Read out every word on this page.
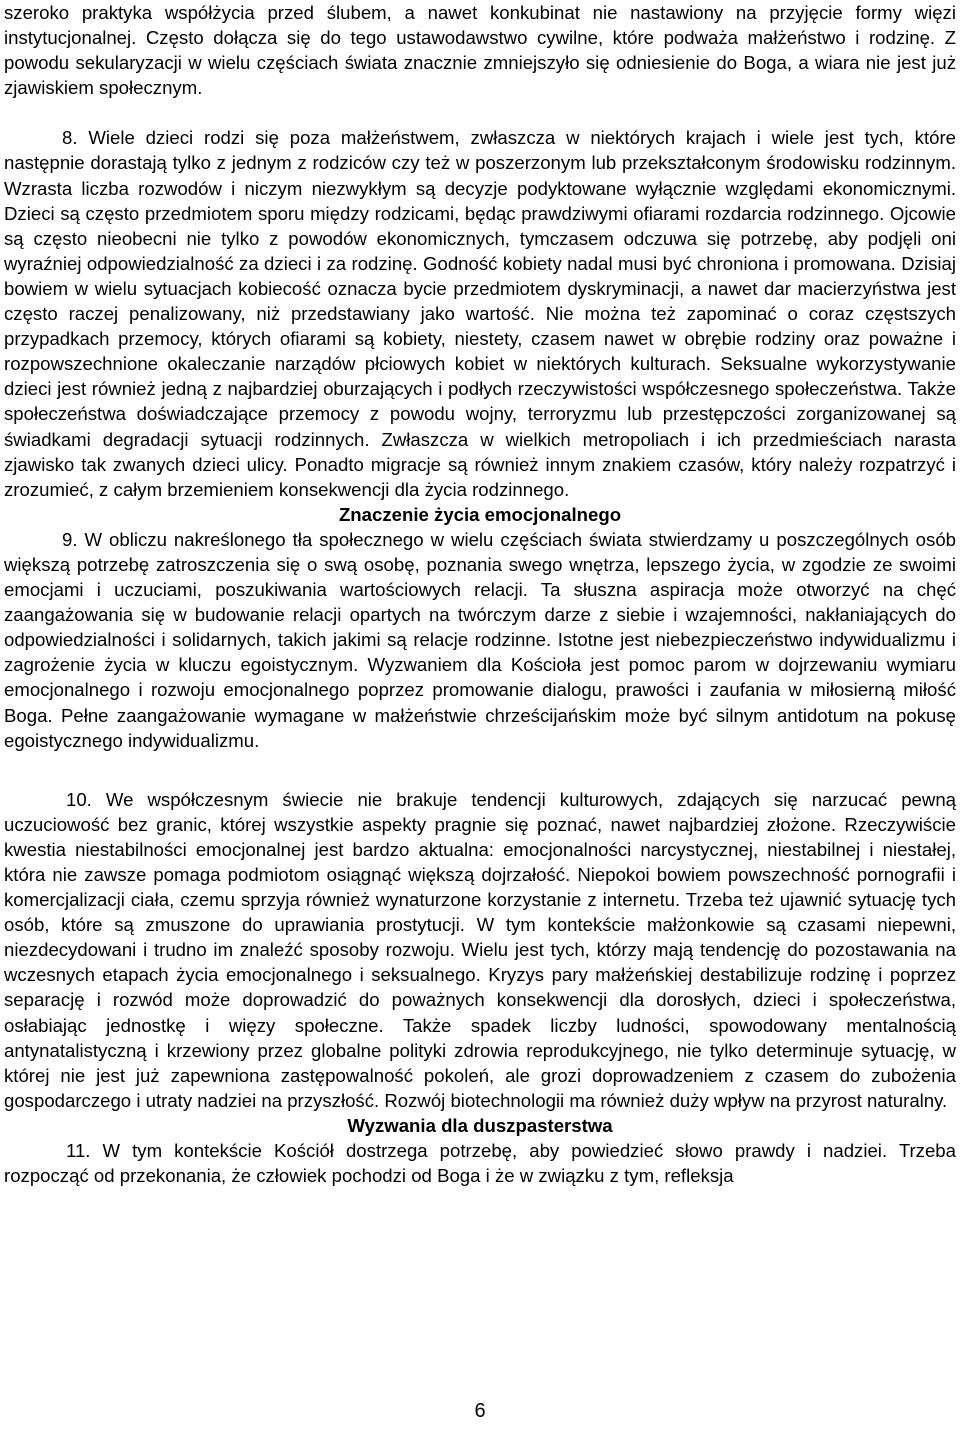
szeroko praktyka współżycia przed ślubem, a nawet konkubinat nie nastawiony na przyjęcie formy więzi instytucjonalnej. Często dołącza się do tego ustawodawstwo cywilne, które podważa małżeństwo i rodzinę. Z powodu sekularyzacji w wielu częściach świata znacznie zmniejszyło się odniesienie do Boga, a wiara nie jest już zjawiskiem społecznym.

8. Wiele dzieci rodzi się poza małżeństwem, zwłaszcza w niektórych krajach i wiele jest tych, które następnie dorastają tylko z jednym z rodziców czy też w poszerzonym lub przekształconym środowisku rodzinnym. Wzrasta liczba rozwodów i niczym niezwykłym są decyzje podyktowane wyłącznie względami ekonomicznymi. Dzieci są często przedmiotem sporu między rodzicami, będąc prawdziwymi ofiarami rozdarcia rodzinnego. Ojcowie są często nieobecni nie tylko z powodów ekonomicznych, tymczasem odczuwa się potrzebę, aby podjęli oni wyraźniej odpowiedzialność za dzieci i za rodzinę. Godność kobiety nadal musi być chroniona i promowana. Dzisiaj bowiem w wielu sytuacjach kobiecość oznacza bycie przedmiotem dyskryminacji, a nawet dar macierzyństwa jest często raczej penalizowany, niż przedstawiany jako wartość. Nie można też zapominać o coraz częstszych przypadkach przemocy, których ofiarami są kobiety, niestety, czasem nawet w obrębie rodziny oraz poważne i rozpowszechnione okaleczanie narządów płciowych kobiet w niektórych kulturach. Seksualne wykorzystywanie dzieci jest również jedną z najbardziej oburzających i podłych rzeczywistości współczesnego społeczeństwa. Także społeczeństwa doświadczające przemocy z powodu wojny, terroryzmu lub przestępczości zorganizowanej są świadkami degradacji sytuacji rodzinnych. Zwłaszcza w wielkich metropoliach i ich przedmieściach narasta zjawisko tak zwanych dzieci ulicy. Ponadto migracje są również innym znakiem czasów, który należy rozpatrzyć i zrozumieć, z całym brzemieniem konsekwencji dla życia rodzinnego.

Znaczenie życia emocjonalnego

9. W obliczu nakreślonego tła społecznego w wielu częściach świata stwierdzamy u poszczególnych osób większą potrzebę zatroszczenia się o swą osobę, poznania swego wnętrza, lepszego życia, w zgodzie ze swoimi emocjami i uczuciami, poszukiwania wartościowych relacji. Ta słuszna aspiracja może otworzyć na chęć zaangażowania się w budowanie relacji opartych na twórczym darze z siebie i wzajemności, nakłaniających do odpowiedzialności i solidarnych, takich jakimi są relacje rodzinne. Istotne jest niebezpieczeństwo indywidualizmu i zagrożenie życia w kluczu egoistycznym. Wyzwaniem dla Kościoła jest pomoc parom w dojrzewaniu wymiaru emocjonalnego i rozwoju emocjonalnego poprzez promowanie dialogu, prawości i zaufania w miłosierną miłość Boga. Pełne zaangażowanie wymagane w małżeństwie chrześcijańskim może być silnym antidotum na pokusę egoistycznego indywidualizmu.

10. We współczesnym świecie nie brakuje tendencji kulturowych, zdających się narzucać pewną uczuciowość bez granic, której wszystkie aspekty pragnie się poznać, nawet najbardziej złożone. Rzeczywiście kwestia niestabilności emocjonalnej jest bardzo aktualna: emocjonalności narcystycznej, niestabilnej i niestałej, która nie zawsze pomaga podmiotom osiągnąć większą dojrzałość. Niepokoi bowiem powszechność pornografii i komercjalizacji ciała, czemu sprzyja również wynaturzone korzystanie z internetu. Trzeba też ujawnić sytuację tych osób, które są zmuszone do uprawiania prostytucji. W tym kontekście małżonkowie są czasami niepewni, niezdecydowani i trudno im znaleźć sposoby rozwoju. Wielu jest tych, którzy mają tendencję do pozostawania na wczesnych etapach życia emocjonalnego i seksualnego. Kryzys pary małżeńskiej destabilizuje rodzinę i poprzez separację i rozwód może doprowadzić do poważnych konsekwencji dla dorosłych, dzieci i społeczeństwa, osłabiając jednostkę i więzy społeczne. Także spadek liczby ludności, spowodowany mentalnością antynatalistyczną i krzewiony przez globalne polityki zdrowia reprodukcyjnego, nie tylko determinuje sytuację, w której nie jest już zapewniona zastępowalność pokoleń, ale grozi doprowadzeniem z czasem do zubożenia gospodarczego i utraty nadziei na przyszłość. Rozwój biotechnologii ma również duży wpływ na przyrost naturalny.

Wyzwania dla duszpasterstwa

11. W tym kontekście Kościół dostrzega potrzebę, aby powiedzieć słowo prawdy i nadziei. Trzeba rozpocząć od przekonania, że człowiek pochodzi od Boga i że w związku z tym, refleksja

6
